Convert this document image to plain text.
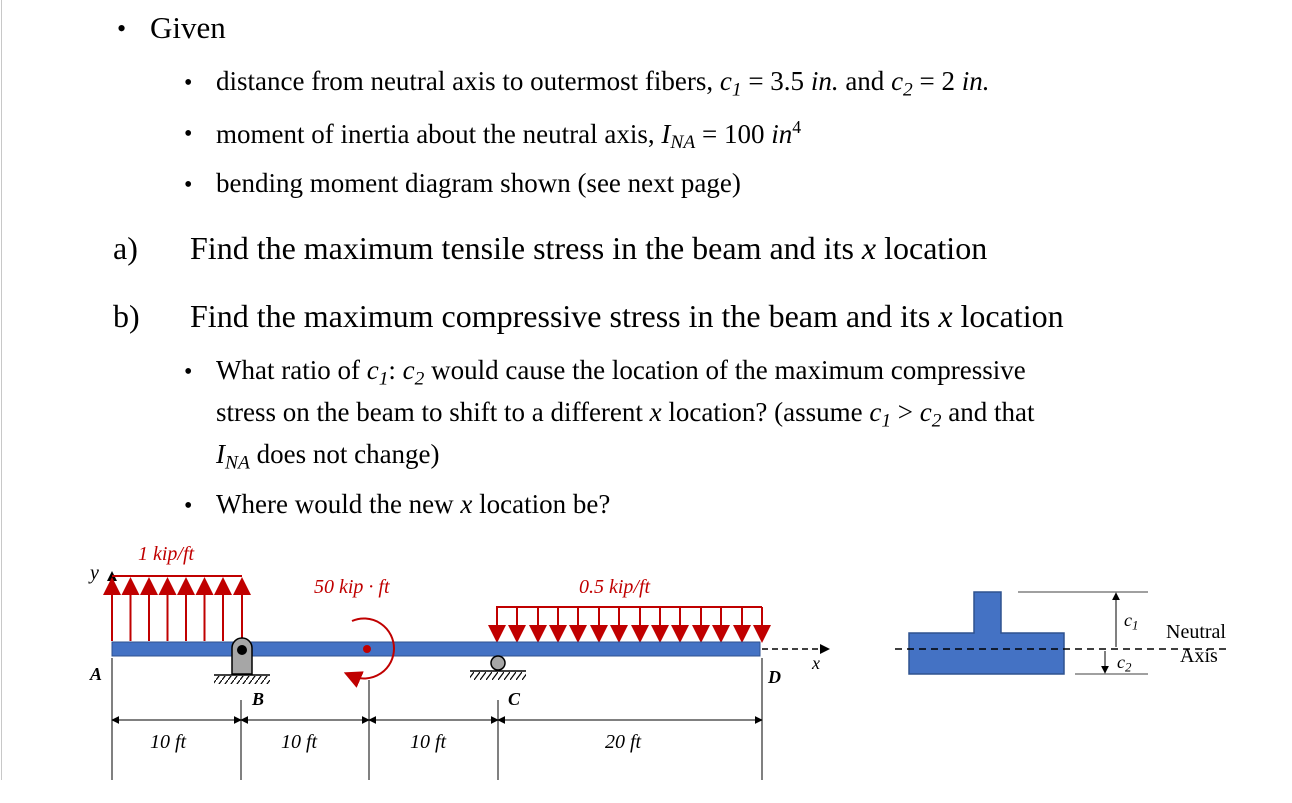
• Given
• distance from neutral axis to outermost fibers, $c_1 = 3.5$ in. and $c_2 = 2$ in.
• moment of inertia about the neutral axis, $I_{NA} = 100$ $in^4$
• bending moment diagram shown (see next page)
a) Find the maximum tensile stress in the beam and its x location
b) Find the maximum compressive stress in the beam and its x location
• What ratio of $c_1$: $c_2$ would cause the location of the maximum compressive
stress on the beam to shift to a different x location? (assume $c_1 > c_2$ and that
$I_{NA}$ does not change)
• Where would the new x location be?
1 kip/ft
50 kip · ft	0.5 kip/ft
y
x
A
B	C
D
10 ft	10 ft	10 ft	20 ft
$c_1$
$c_2$
Neutral
Axis
